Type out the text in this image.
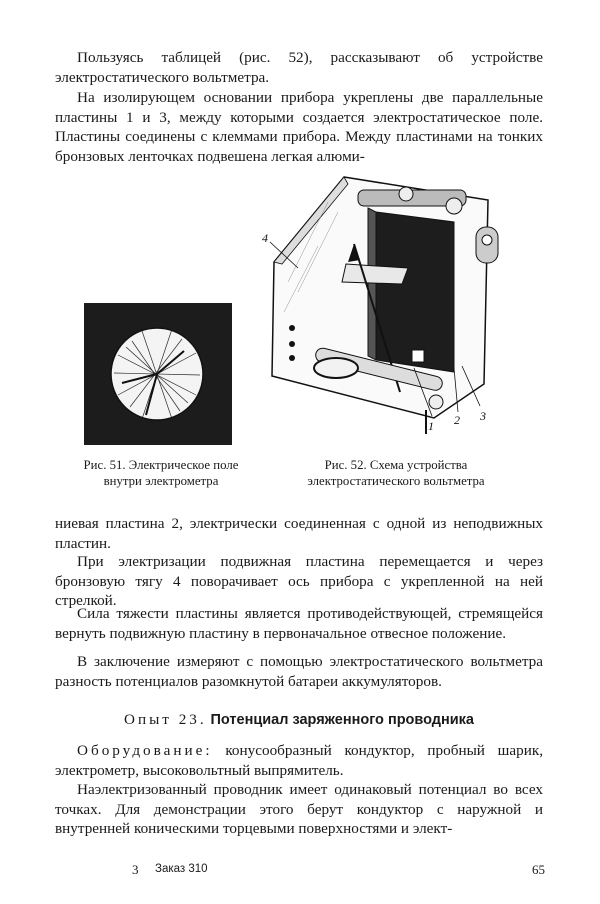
Пользуясь таблицей (рис. 52), рассказывают об устройстве электростатического вольтметра.

На изолирующем основании прибора укреплены две параллельные пластины 1 и 3, между которыми создается электростатическое поле. Пластины соединены с клеммами прибора. Между пластинами на тонких бронзовых ленточках подвешена легкая алюми-

4
1 2 3

Рис. 51. Электрическое поле внутри электрометра

Рис. 52. Схема устройства электростатического вольтметра

ниевая пластина 2, электрически соединенная с одной из неподвижных пластин.

При электризации подвижная пластина перемещается и через бронзовую тягу 4 поворачивает ось прибора с укрепленной на ней стрелкой.

Сила тяжести пластины является противодействующей, стремящейся вернуть подвижную пластину в первоначальное отвесное положение.

В заключение измеряют с помощью электростатического вольтметра разность потенциалов разомкнутой батареи аккумуляторов.

Опыт 23. Потенциал заряженного проводника

Оборудование: конусообразный кондуктор, пробный шарик, электрометр, высоковольтный выпрямитель.

Наэлектризованный проводник имеет одинаковый потенциал во всех точках. Для демонстрации этого берут кондуктор с наружной и внутренней коническими торцевыми поверхностями и элект-

3 Заказ 310	65
